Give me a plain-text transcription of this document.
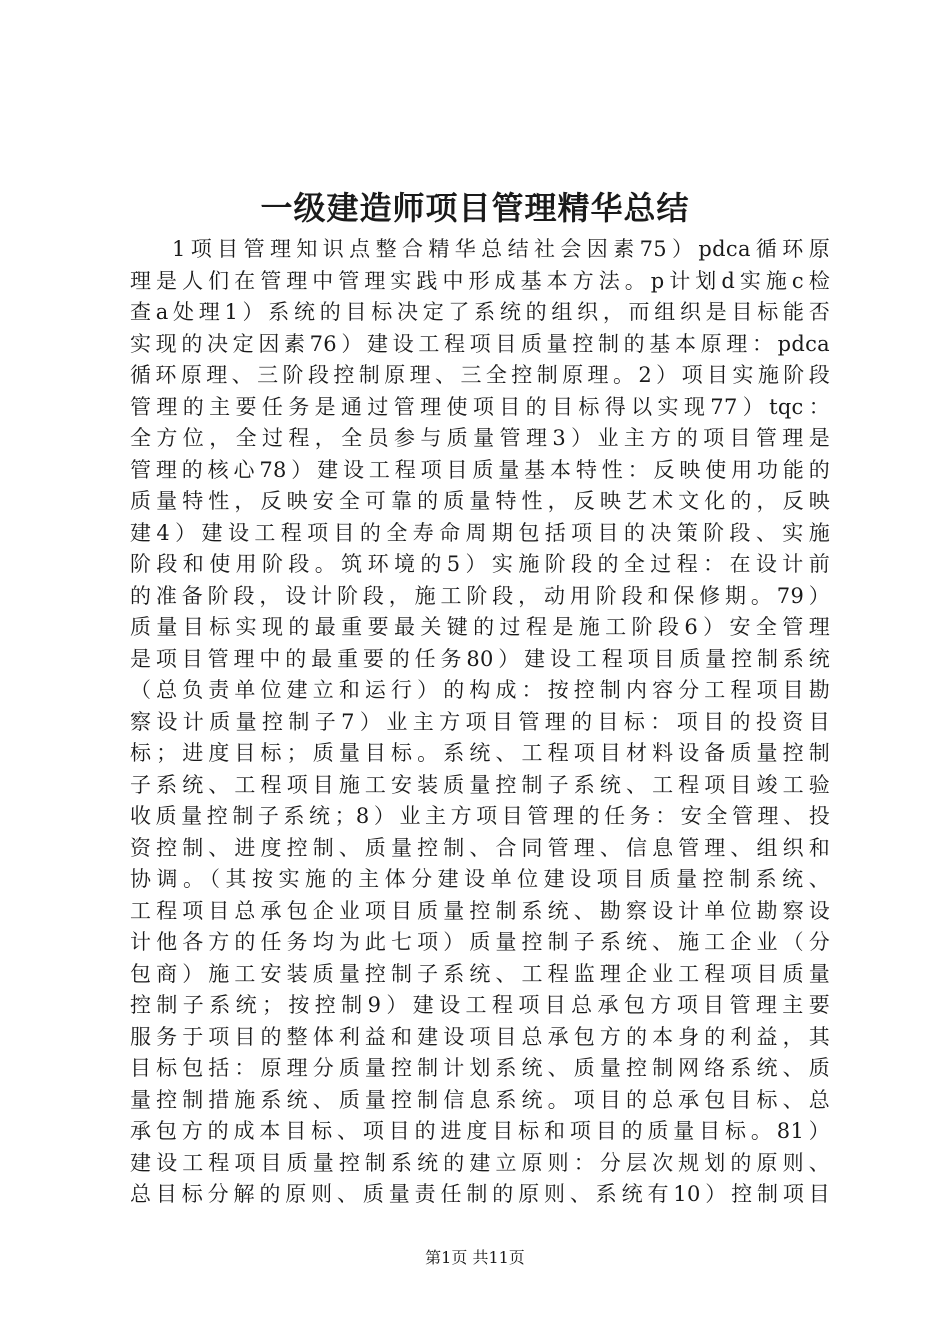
一级建造师项目管理精华总结
1项目管理知识点整合精华总结社会因素75）pdca循环原
理是人们在管理中管理实践中形成基本方法。p计划d实施c检
查a处理1）系统的目标决定了系统的组织，而组织是目标能否
实现的决定因素76）建设工程项目质量控制的基本原理：pdca
循环原理、三阶段控制原理、三全控制原理。2）项目实施阶段
管理的主要任务是通过管理使项目的目标得以实现77）tqc：
全方位，全过程，全员参与质量管理3）业主方的项目管理是
管理的核心78）建设工程项目质量基本特性：反映使用功能的
质量特性，反映安全可靠的质量特性，反映艺术文化的，反映
建4）建设工程项目的全寿命周期包括项目的决策阶段、实施
阶段和使用阶段。筑环境的5）实施阶段的全过程：在设计前
的准备阶段，设计阶段，施工阶段，动用阶段和保修期。79）
质量目标实现的最重要最关键的过程是施工阶段6）安全管理
是项目管理中的最重要的任务80）建设工程项目质量控制系统
（总负责单位建立和运行）的构成：按控制内容分工程项目勘
察设计质量控制子7）业主方项目管理的目标：项目的投资目
标；进度目标；质量目标。系统、工程项目材料设备质量控制
子系统、工程项目施工安装质量控制子系统、工程项目竣工验
收质量控制子系统；8）业主方项目管理的任务：安全管理、投
资控制、进度控制、质量控制、合同管理、信息管理、组织和
协调。（其按实施的主体分建设单位建设项目质量控制系统、
工程项目总承包企业项目质量控制系统、勘察设计单位勘察设
计他各方的任务均为此七项）质量控制子系统、施工企业（分
包商）施工安装质量控制子系统、工程监理企业工程项目质量
控制子系统；按控制9）建设工程项目总承包方项目管理主要
服务于项目的整体利益和建设项目总承包方的本身的利益，其
目标包括：原理分质量控制计划系统、质量控制网络系统、质
量控制措施系统、质量控制信息系统。项目的总承包目标、总
承包方的成本目标、项目的进度目标和项目的质量目标。81）
建设工程项目质量控制系统的建立原则：分层次规划的原则、
总目标分解的原则、质量责任制的原则、系统有10）控制项目
第1页 共11页
